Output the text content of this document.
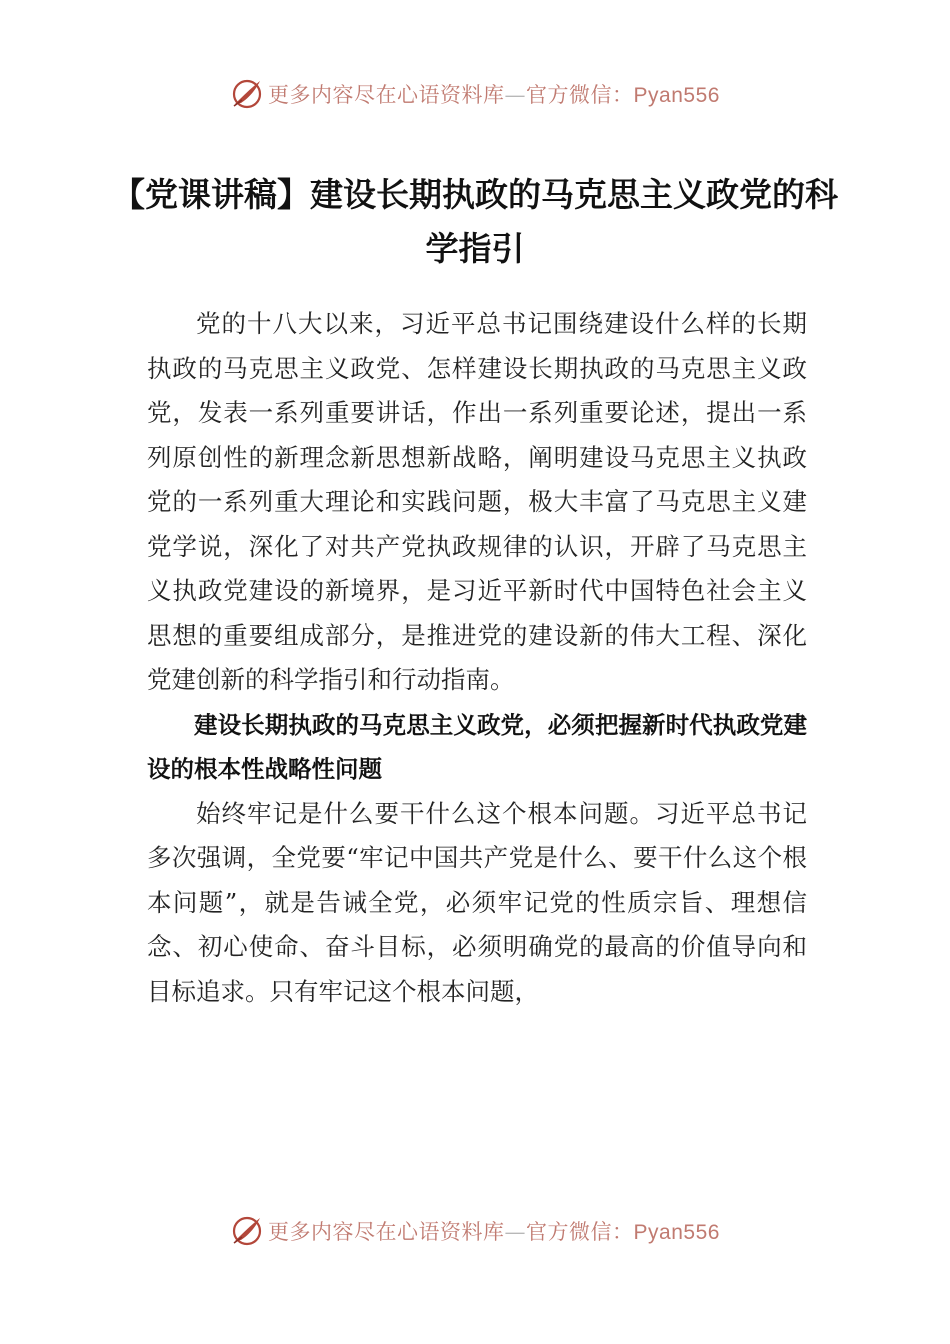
更多内容尽在心语资料库—官方微信：Pyan556
【党课讲稿】建设长期执政的马克思主义政党的科学指引

党的十八大以来，习近平总书记围绕建设什么样的长期执政的马克思主义政党、怎样建设长期执政的马克思主义政党，发表一系列重要讲话，作出一系列重要论述，提出一系列原创性的新理念新思想新战略，阐明建设马克思主义执政党的一系列重大理论和实践问题，极大丰富了马克思主义建党学说，深化了对共产党执政规律的认识，开辟了马克思主义执政党建设的新境界，是习近平新时代中国特色社会主义思想的重要组成部分，是推进党的建设新的伟大工程、深化党建创新的科学指引和行动指南。

建设长期执政的马克思主义政党，必须把握新时代执政党建设的根本性战略性问题

始终牢记是什么要干什么这个根本问题。习近平总书记多次强调，全党要“牢记中国共产党是什么、要干什么这个根本问题”，就是告诫全党，必须牢记党的性质宗旨、理想信念、初心使命、奋斗目标，必须明确党的最高的价值导向和目标追求。只有牢记这个根本问题，

更多内容尽在心语资料库—官方微信：Pyan556
